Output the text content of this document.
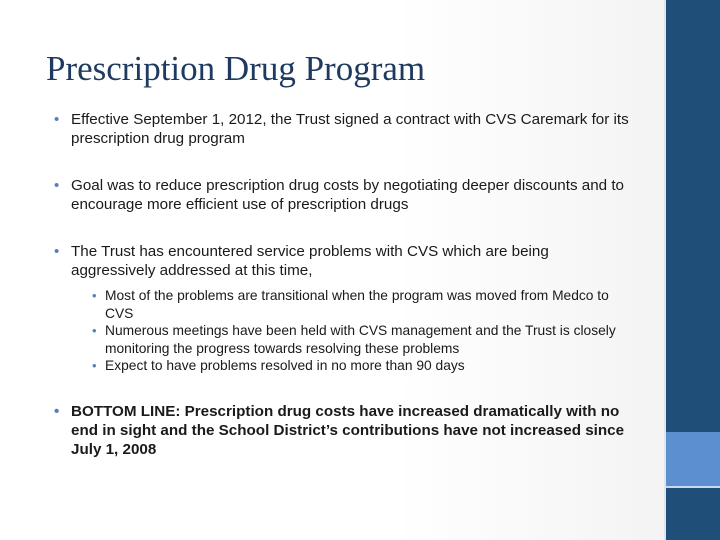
Prescription Drug Program
• Effective September 1, 2012, the Trust signed a contract with CVS Caremark for its prescription drug program
• Goal was to reduce prescription drug costs by negotiating deeper discounts and to encourage more efficient use of prescription drugs
• The Trust has encountered service problems with CVS which are being aggressively addressed at this time,
• Most of the problems are transitional when the program was moved from Medco to CVS
• Numerous meetings have been held with CVS management and the Trust is closely monitoring the progress towards resolving these problems
• Expect to have problems resolved in no more than 90 days
• BOTTOM LINE: Prescription drug costs have increased dramatically with no end in sight and the School District’s contributions have not increased since July 1, 2008
